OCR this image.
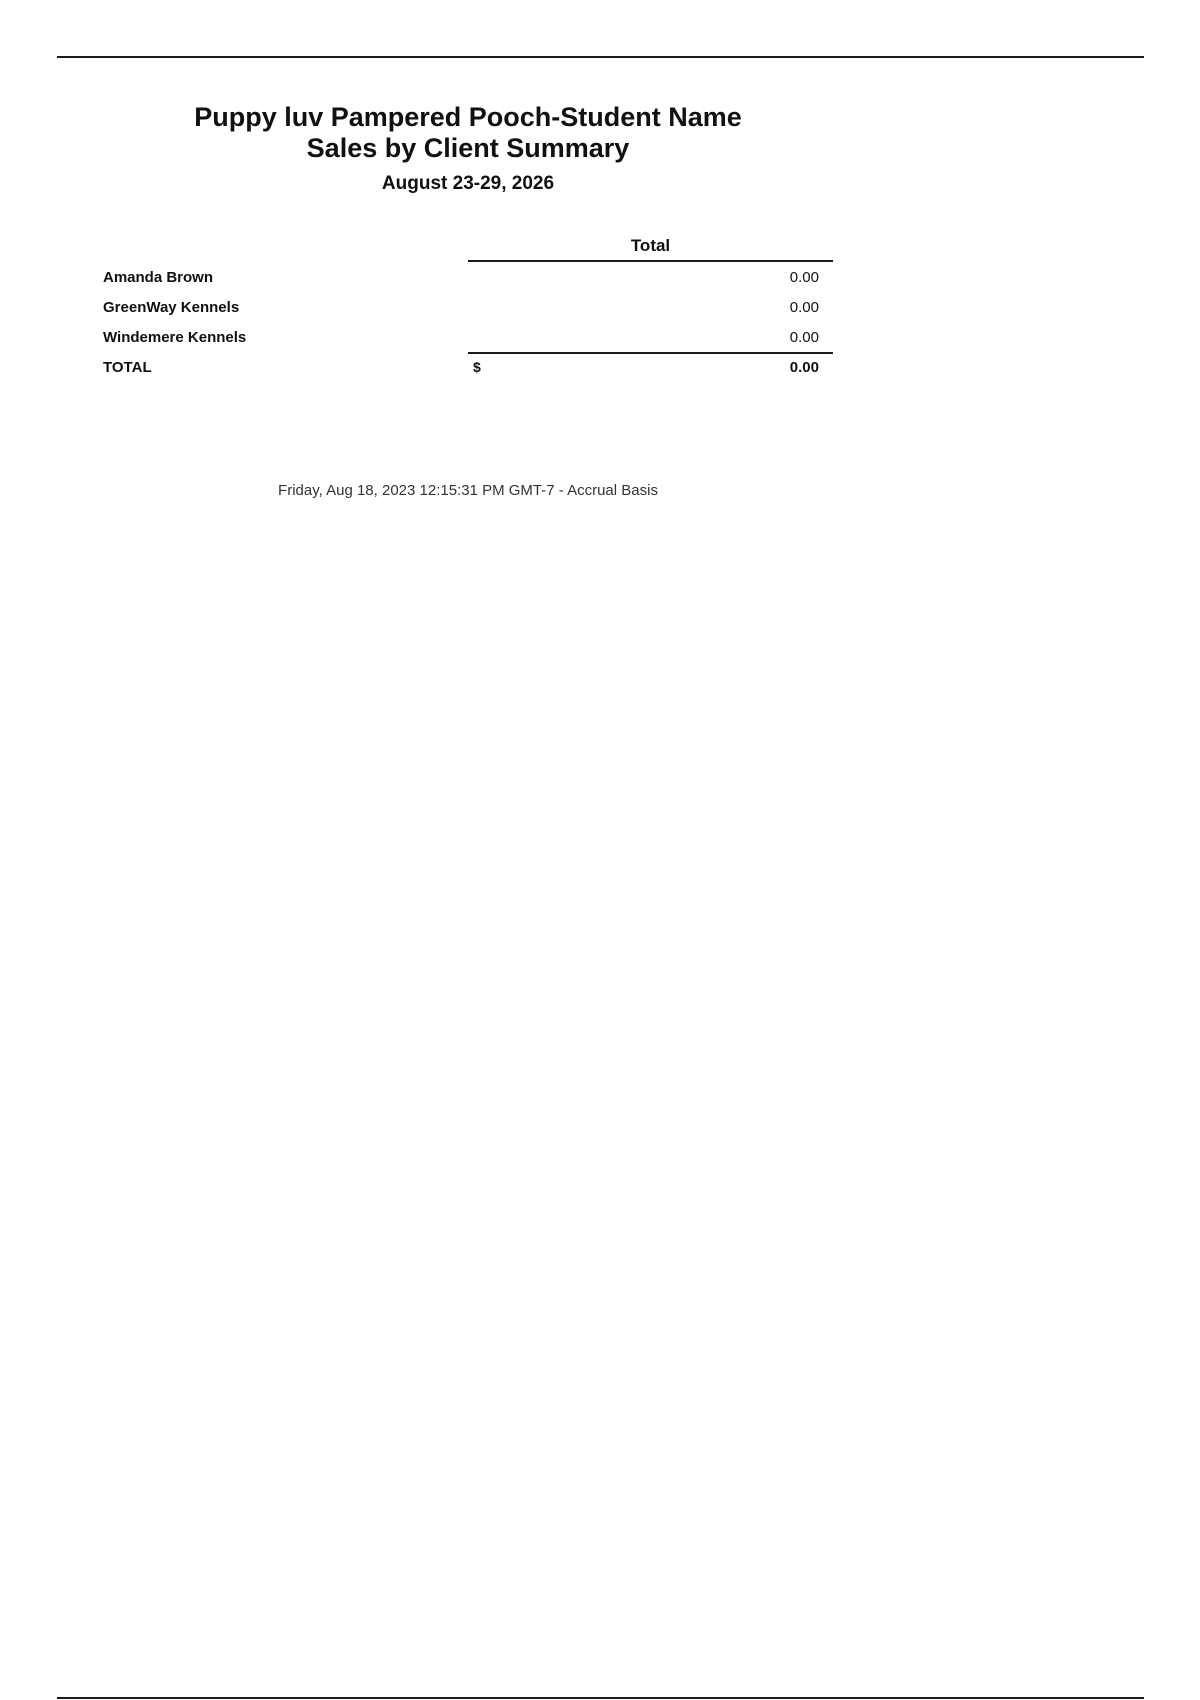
Puppy luv Pampered Pooch-Student Name
Sales by Client Summary
August 23-29, 2026
Total
Amanda Brown	0.00
GreenWay Kennels	0.00
Windemere Kennels	0.00
TOTAL	$	0.00
Friday, Aug 18, 2023 12:15:31 PM GMT-7 - Accrual Basis
